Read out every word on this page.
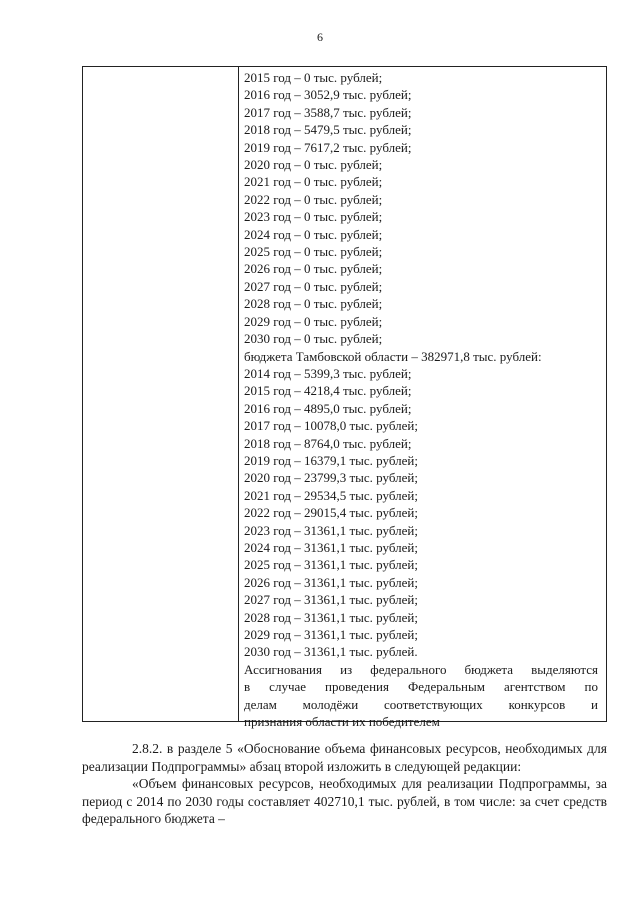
6
2015 год – 0 тыс. рублей;
2016 год – 3052,9 тыс. рублей;
2017 год – 3588,7 тыс. рублей;
2018 год – 5479,5 тыс. рублей;
2019 год – 7617,2 тыс. рублей;
2020 год – 0 тыс. рублей;
2021 год – 0 тыс. рублей;
2022 год – 0 тыс. рублей;
2023 год – 0 тыс. рублей;
2024 год – 0 тыс. рублей;
2025 год – 0 тыс. рублей;
2026 год – 0 тыс. рублей;
2027 год – 0 тыс. рублей;
2028 год – 0 тыс. рублей;
2029 год – 0 тыс. рублей;
2030 год – 0 тыс. рублей;
бюджета Тамбовской области – 382971,8 тыс. рублей:
2014 год – 5399,3 тыс. рублей;
2015 год – 4218,4 тыс. рублей;
2016 год – 4895,0 тыс. рублей;
2017 год – 10078,0 тыс. рублей;
2018 год – 8764,0 тыс. рублей;
2019 год – 16379,1 тыс. рублей;
2020 год – 23799,3 тыс. рублей;
2021 год – 29534,5 тыс. рублей;
2022 год – 29015,4 тыс. рублей;
2023 год – 31361,1 тыс. рублей;
2024 год – 31361,1 тыс. рублей;
2025 год – 31361,1 тыс. рублей;
2026 год – 31361,1 тыс. рублей;
2027 год – 31361,1 тыс. рублей;
2028 год – 31361,1 тыс. рублей;
2029 год – 31361,1 тыс. рублей;
2030 год – 31361,1 тыс. рублей.
Ассигнования из федерального бюджета выделяются
в случае проведения Федеральным агентством по
делам молодёжи соответствующих конкурсов и
признания области их победителем

2.8.2. в разделе 5 «Обоснование объема финансовых ресурсов, необходимых для реализации Подпрограммы» абзац второй изложить в следующей редакции:

«Объем финансовых ресурсов, необходимых для реализации Подпрограммы, за период с 2014 по 2030 годы составляет 402710,1 тыс. рублей, в том числе: за счет средств федерального бюджета –
